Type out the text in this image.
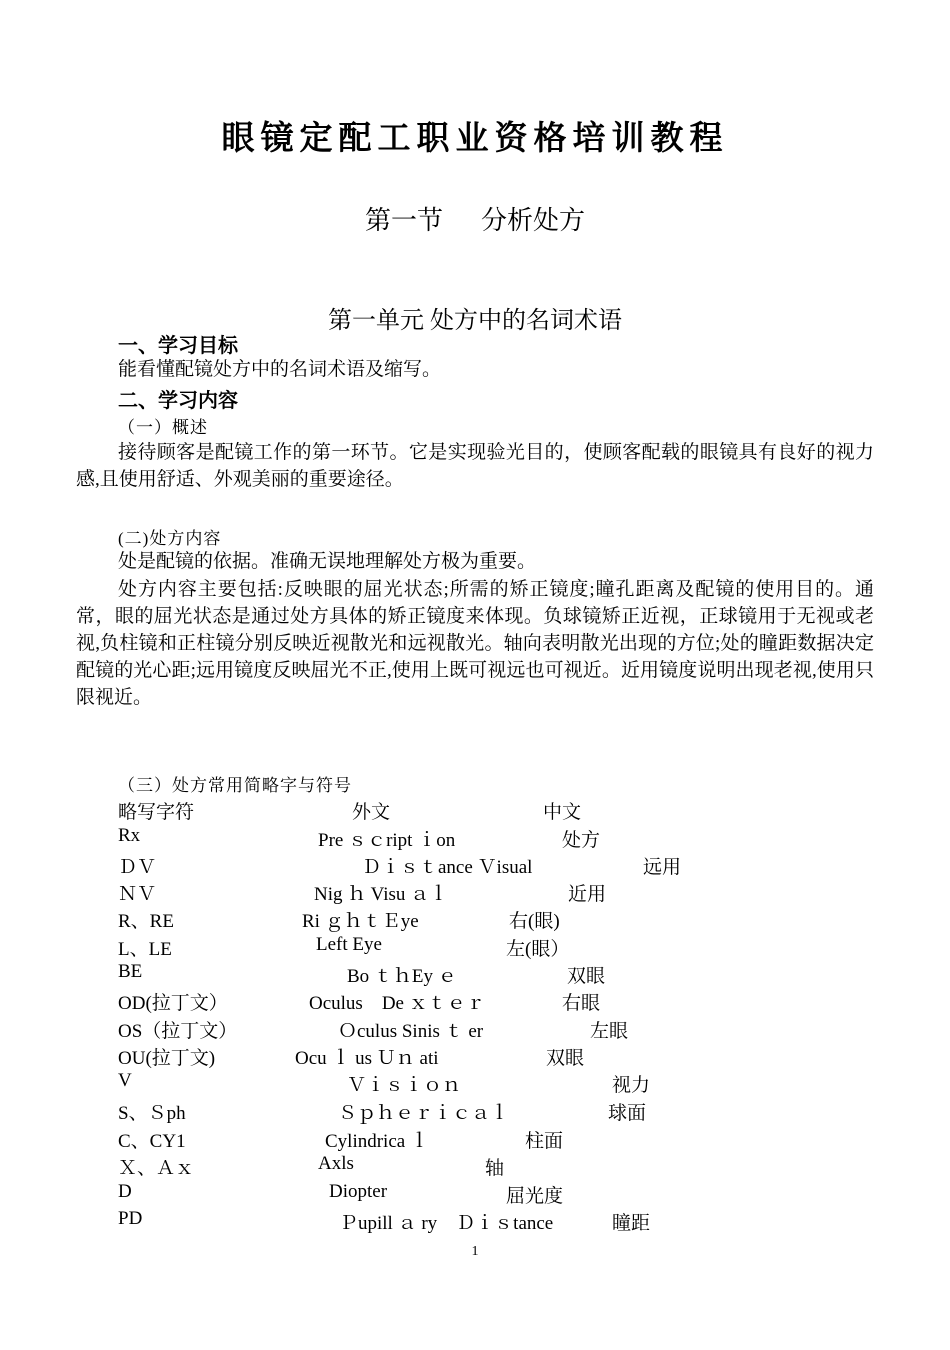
眼镜定配工职业资格培训教程
第一节 分析处方
第一单元 处方中的名词术语
一、学习目标
能看懂配镜处方中的名词术语及缩写。
二、学习内容
（一）概述
接待顾客是配镜工作的第一环节。它是实现验光目的，使顾客配载的眼镜具有良好的视力感,且使用舒适、外观美丽的重要途径。
(二)处方内容
处是配镜的依据。准确无误地理解处方极为重要。
处方内容主要包括:反映眼的屈光状态;所需的矫正镜度;瞳孔距离及配镜的使用目的。通常，眼的屈光状态是通过处方具体的矫正镜度来体现。负球镜矫正近视，正球镜用于无视或老视,负柱镜和正柱镜分别反映近视散光和远视散光。轴向表明散光出现的方位;处的瞳距数据决定配镜的光心距;远用镜度反映屈光不正,使用上既可视远也可视近。近用镜度说明出现老视,使用只限视近。
（三）处方常用简略字与符号
略写字符	外文	中文
Rx	Pre ｓｃript ｉon	处方
ＤＶ	Ｄｉｓｔance Ｖisual	远用
ＮＶ	Nig ｈ Visu ａｌ	近用
R、RE	Ri ｇｈｔＥye	右(眼)
L、LE	Left Eye	左(眼）
BE	Bo ｔｈEy ｅ	双眼
OD(拉丁文）	Oculus　Dе ｘｔｅｒ	右眼
OS（拉丁文）	Ｏculus Sinis ｔ er	左眼
OU(拉丁文)	Ocu ｌ us Ｕｎ ati	双眼
V	Ｖｉｓｉｏｎ	视力
S、Ｓph	Ｓｐｈｅｒｉｃａｌ	球面
C、CY1	Cylindrica ｌ	柱面
Ｘ、Ａｘ	Axls	轴
D	Diopter	屈光度
PD	Ｐupill ａ ry　Ｄｉｓtance	瞳距
1
